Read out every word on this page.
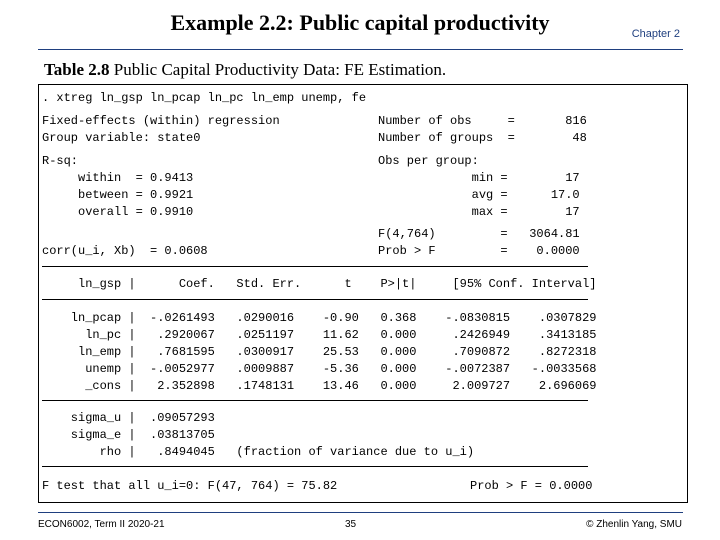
Example 2.2: Public capital productivity	Chapter 2
Table 2.8 Public Capital Productivity Data: FE Estimation.
. xtreg ln_gsp ln_pcap ln_pc ln_emp unemp, fe
Fixed-effects (within) regression
Group variable: state0
Number of obs     =       816
Number of groups  =        48
R-sq:
within  = 0.9413
between = 0.9921
overall = 0.9910
Obs per group:
min =        17
avg =      17.0
max =        17
F(4,764)         =   3064.81
Prob > F         =    0.0000
corr(u_i, Xb)  = 0.0608
ln_gsp |      Coef.   Std. Err.      t    P>|t|     [95% Conf. Interval]
ln_pcap |  -.0261493   .0290016    -0.90   0.368    -.0830815    .0307829
ln_pc |   .2920067   .0251197    11.62   0.000     .2426949    .3413185
ln_emp |   .7681595   .0300917    25.53   0.000     .7090872    .8272318
unemp |  -.0052977   .0009887    -5.36   0.000    -.0072387   -.0033568
_cons |   2.352898   .1748131    13.46   0.000     2.009727    2.696069
sigma_u |  .09057293
sigma_e |  .03813705
rho |   .8494045   (fraction of variance due to u_i)
F test that all u_i=0: F(47, 764) = 75.82	Prob > F = 0.0000
ECON6002, Term II 2020-21	35	© Zhenlin Yang, SMU
